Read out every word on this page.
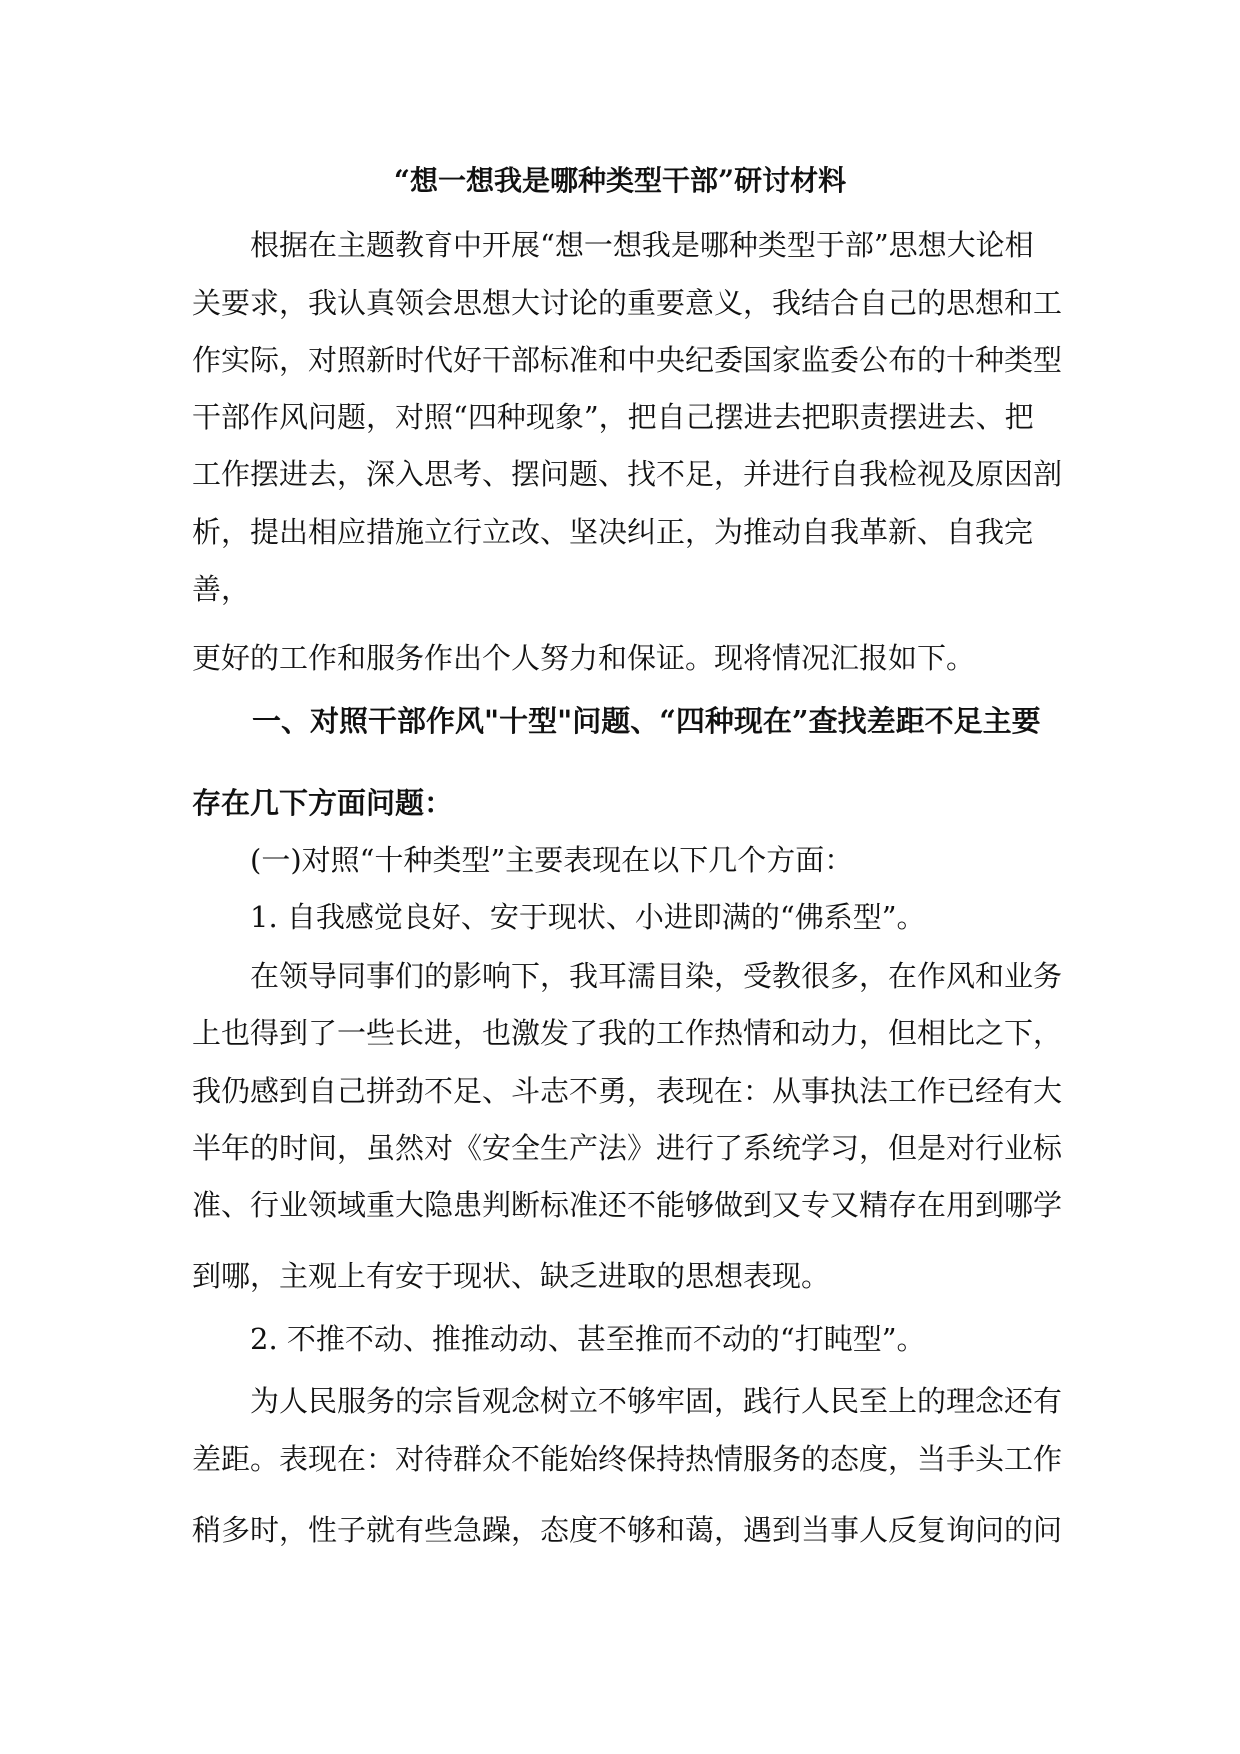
“想一想我是哪种类型干部”研讨材料
根据在主题教育中开展“想一想我是哪种类型于部”思想大论相
关要求，我认真领会思想大讨论的重要意义，我结合自己的思想和工
作实际，对照新时代好干部标准和中央纪委国家监委公布的十种类型
干部作风问题，对照“四种现象”，把自己摆进去把职责摆进去、把
工作摆进去，深入思考、摆问题、找不足，并进行自我检视及原因剖
析，提出相应措施立行立改、坚决纠正，为推动自我革新、自我完
善，
更好的工作和服务作出个人努力和保证。现将情况汇报如下。
一、对照干部作风"十型"问题、“四种现在”查找差距不足主要
存在几下方面问题：
(一)对照“十种类型”主要表现在以下几个方面：
1. 自我感觉良好、安于现状、小进即满的“佛系型”。
在领导同事们的影响下，我耳濡目染，受教很多，在作风和业务
上也得到了一些长进，也激发了我的工作热情和动力，但相比之下，
我仍感到自己拼劲不足、斗志不勇，表现在：从事执法工作已经有大
半年的时间，虽然对《安全生产法》进行了系统学习，但是对行业标
准、行业领域重大隐患判断标准还不能够做到又专又精存在用到哪学
到哪，主观上有安于现状、缺乏进取的思想表现。
2. 不推不动、推推动动、甚至推而不动的“打盹型”。
为人民服务的宗旨观念树立不够牢固，践行人民至上的理念还有
差距。表现在：对待群众不能始终保持热情服务的态度，当手头工作
稍多时，性子就有些急躁，态度不够和蔼，遇到当事人反复询问的问
